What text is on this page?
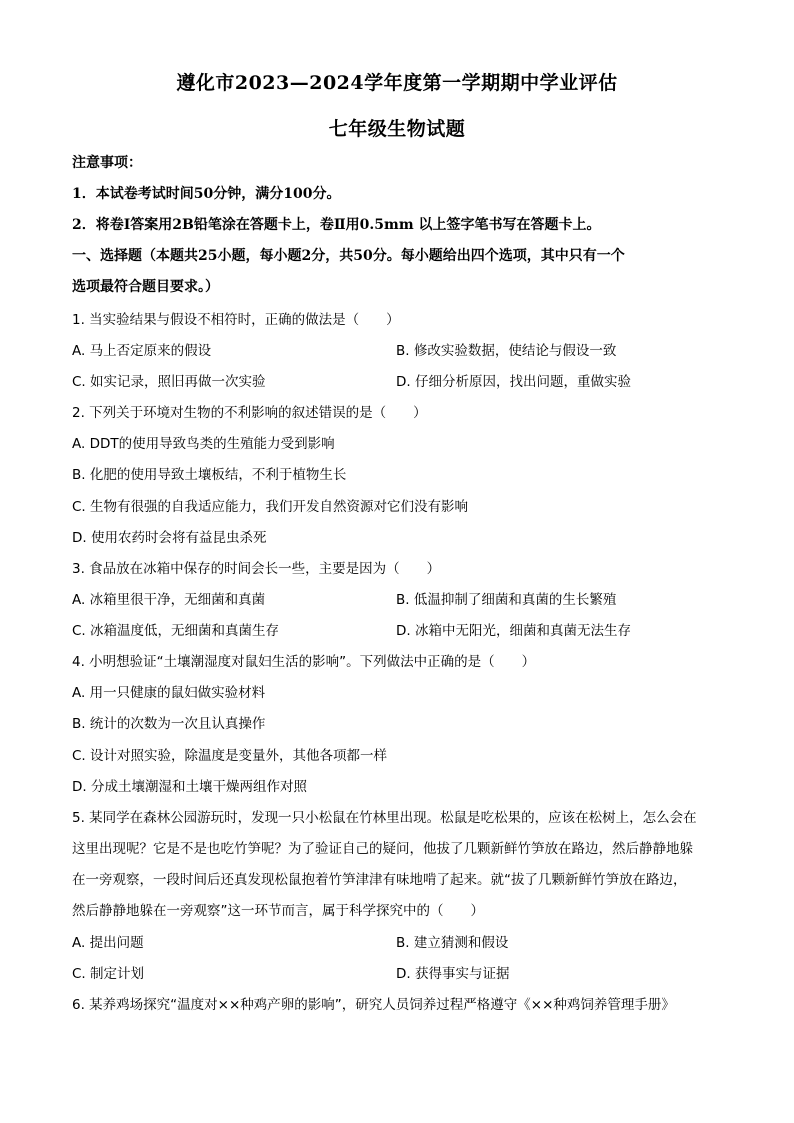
遵化市2023—2024学年度第一学期期中学业评估
七年级生物试题
注意事项：
1．本试卷考试时间50分钟，满分100分。
2．将卷Ⅰ答案用2B铅笔涂在答题卡上，卷Ⅱ用0.5mm 以上签字笔书写在答题卡上。
一、选择题（本题共25小题，每小题2分，共50分。每小题给出四个选项，其中只有一个
选项最符合题目要求。）
1. 当实验结果与假设不相符时，正确的做法是（　　）
A. 马上否定原来的假设	B. 修改实验数据，使结论与假设一致
C. 如实记录，照旧再做一次实验	D. 仔细分析原因，找出问题，重做实验
2. 下列关于环境对生物的不利影响的叙述错误的是（　　）
A. DDT的使用导致鸟类的生殖能力受到影响
B. 化肥的使用导致土壤板结，不利于植物生长
C. 生物有很强的自我适应能力，我们开发自然资源对它们没有影响
D. 使用农药时会将有益昆虫杀死
3. 食品放在冰箱中保存的时间会长一些，主要是因为（　　）
A. 冰箱里很干净，无细菌和真菌	B. 低温抑制了细菌和真菌的生长繁殖
C. 冰箱温度低，无细菌和真菌生存	D. 冰箱中无阳光，细菌和真菌无法生存
4. 小明想验证“土壤潮湿度对鼠妇生活的影响”。下列做法中正确的是（　　）
A. 用一只健康的鼠妇做实验材料
B. 统计的次数为一次且认真操作
C. 设计对照实验，除温度是变量外，其他各项都一样
D. 分成土壤潮湿和土壤干燥两组作对照
5. 某同学在森林公园游玩时，发现一只小松鼠在竹林里出现。松鼠是吃松果的，应该在松树上，怎么会在
这里出现呢？它是不是也吃竹笋呢？为了验证自己的疑问，他拔了几颗新鲜竹笋放在路边，然后静静地躲
在一旁观察，一段时间后还真发现松鼠抱着竹笋津津有味地啃了起来。就“拔了几颗新鲜竹笋放在路边，
然后静静地躲在一旁观察”这一环节而言，属于科学探究中的（　　）
A. 提出问题	B. 建立猜测和假设
C. 制定计划	D. 获得事实与证据
6. 某养鸡场探究“温度对××种鸡产卵的影响”，研究人员饲养过程严格遵守《××种鸡饲养管理手册》
